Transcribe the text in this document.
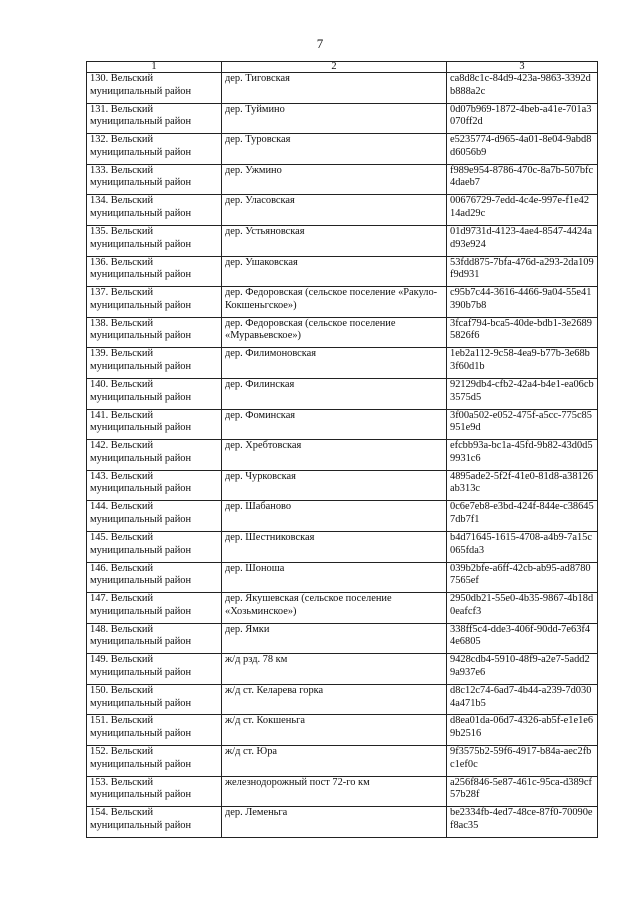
7
1	2	3

130. Вельский муниципальный район	дер. Тиговская	ca8d8c1c-84d9-423a-9863-3392db888a2c

131. Вельский муниципальный район	дер. Туймино	0d07b969-1872-4beb-a41e-701a3070ff2d

132. Вельский муниципальный район	дер. Туровская	e5235774-d965-4a01-8e04-9abd8d6056b9

133. Вельский муниципальный район	дер. Ужмино	f989e954-8786-470c-8a7b-507bfc4daeb7

134. Вельский муниципальный район	дер. Уласовская	00676729-7edd-4c4e-997e-f1e4214ad29c

135. Вельский муниципальный район	дер. Устьяновская	01d9731d-4123-4ae4-8547-4424ad93e924

136. Вельский муниципальный район	дер. Ушаковская	53fdd875-7bfa-476d-a293-2da109f9d931

137. Вельский муниципальный район	дер. Федоровская (сельское поселение «Ракуло-Кокшеньгское»)	c95b7c44-3616-4466-9a04-55e41390b7b8

138. Вельский муниципальный район	дер. Федоровская (сельское поселение «Муравьевское»)	3fcaf794-bca5-40de-bdb1-3e26895826f6

139. Вельский муниципальный район	дер. Филимоновская	1eb2a112-9c58-4ea9-b77b-3e68b3f60d1b

140. Вельский муниципальный район	дер. Филинская	92129db4-cfb2-42a4-b4e1-ea06cb3575d5

141. Вельский муниципальный район	дер. Фоминская	3f00a502-e052-475f-a5cc-775c85951e9d

142. Вельский муниципальный район	дер. Хребтовская	efcbb93a-bc1a-45fd-9b82-43d0d59931c6

143. Вельский муниципальный район	дер. Чурковская	4895ade2-5f2f-41e0-81d8-a38126ab313c

144. Вельский муниципальный район	дер. Шабаново	0c6e7eb8-e3bd-424f-844e-c386457db7f1

145. Вельский муниципальный район	дер. Шестниковская	b4d71645-1615-4708-a4b9-7a15c065fda3

146. Вельский муниципальный район	дер. Шоноша	039b2bfe-a6ff-42cb-ab95-ad87807565ef

147. Вельский муниципальный район	дер. Якушевская (сельское поселение «Хозьминское»)	2950db21-55e0-4b35-9867-4b18d0eafcf3

148. Вельский муниципальный район	дер. Ямки	338ff5c4-dde3-406f-90dd-7e63f44e6805

149. Вельский муниципальный район	ж/д рзд. 78 км	9428cdb4-5910-48f9-a2e7-5add29a937e6

150. Вельский муниципальный район	ж/д ст. Келарева горка	d8c12c74-6ad7-4b44-a239-7d0304a471b5

151. Вельский муниципальный район	ж/д ст. Кокшеньга	d8ea01da-06d7-4326-ab5f-e1e1e69b2516

152. Вельский муниципальный район	ж/д ст. Юра	9f3575b2-59f6-4917-b84a-aec2fbc1ef0c

153. Вельский муниципальный район	железнодорожный пост 72-го км	a256f846-5e87-461c-95ca-d389cf57b28f

154. Вельский муниципальный район	дер. Леменьга	be2334fb-4ed7-48ce-87f0-70090ef8ac35
